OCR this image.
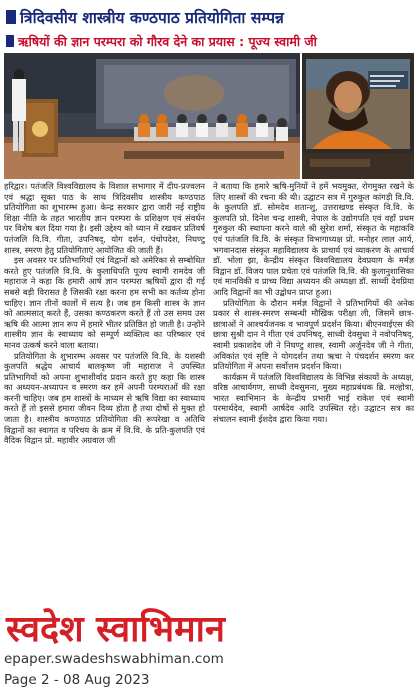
त्रिदिवसीय शास्त्रीय कण्ठपाठ प्रतियोगिता सम्पन्न
ऋषियों की ज्ञान परम्परा को गौरव देने का प्रयास : पूज्य स्वामी जी

हरिद्वार। पतंजलि विश्वविद्यालय के विशाल सभागार में दीप-प्रज्वलन एवं श्रद्धा सूक्त पाठ के साथ त्रिदिवसीय शास्त्रीय कण्ठपाठ प्रतियोगिता का शुभारम्भ हुआ। केन्द्र सरकार द्वारा जारी नई राष्ट्रीय शिक्षा नीति के तहत भारतीय ज्ञान परम्परा के प्रशिक्षण एवं संवर्धन पर विशेष बल दिया गया है। इसी उद्देश्य को ध्यान में रखकर प्रतिवर्ष पतंजलि वि.वि. गीता, उपनिषद्, योग दर्शन, पंचोपदेश, निघण्टु शास्त्र, स्मरण हेतु प्रतियोगिताएं आयोजित की जाती हैं।

इस अवसर पर प्रतिभागियों एवं विद्वानों को अमेरिका से सम्बोधित करते हुए पतंजलि वि.वि. के कुलाधिपति पूज्य स्वामी रामदेव जी महाराज ने कहा कि हमारी आर्ष ज्ञान परम्परा ऋषियों द्वारा दी गई सबसे बड़ी विरासत है जिसकी रक्षा करना हम सभी का कर्तव्य होना चाहिए। ज्ञान तीनों कालों में सत्य है। जब हम किसी शास्त्र के ज्ञान को आत्मसात् करते हैं, उसका कण्ठकरण करते हैं तो उस समय उस ऋषि की आत्मा ज्ञान रूप में हमारे भीतर प्रतिष्ठित हो जाती है। उन्होंने शास्त्रीय ज्ञान के स्वाध्याय को सम्पूर्ण व्यक्तित्व का परिष्कार एवं मानव उत्कर्ष करने वाला बताया।

प्रतियोगिता के शुभारम्भ अवसर पर पतंजलि वि.वि. के यशस्वी कुलपति श्रद्धेय आचार्य बालकृष्ण जी महाराज ने उपस्थित प्रतिभागियों को अपना शुभाशीर्वाद प्रदान करते हुए कहा कि शास्त्र का अध्ययन-अध्यापन व स्मरण कर हमें अपनी परम्पराओं की रक्षा करनी चाहिए। जब हम शास्त्रों के माध्यम से ऋषि विद्या का स्वाध्याय करते हैं तो इससे हमारा जीवन दिव्य होता है तथा दोषों से मुक्त हो जाता है। शास्त्रीय कण्ठपाठ प्रतियोगिता की रूपरेखा व अतिथि विद्वानों का स्वागत व परिचय के क्रम में वि.वि. के प्रति-कुलपति एवं वैदिक विद्वान प्रो. महावीर अग्रवाल जी

ने बताया कि हमारे ऋषि-मुनियों ने हमें भयमुक्त, रोगमुक्त रखने के लिए शास्त्रों की रचना की थी। उद्घाटन सत्र में गुरुकुल कांगड़ी वि.वि. के कुलपति डॉ. सोमदेव शतान्शु, उत्तराखण्ड संस्कृत वि.वि. के कुलपति प्रो. दिनेश चन्द्र शास्त्री, नेपाल के उद्योगपति एवं वहाँ प्रथम गुरुकुल की स्थापना करने वाले श्री सुरेश शर्मा, संस्कृत के महाकवि एवं पतंजलि वि.वि. के संस्कृत विभागाध्यक्ष प्रो. मनोहर लाल आर्य, भगवानदास संस्कृत महाविद्यालय के प्राचार्य एवं व्याकरण के आचार्य डॉ. भोला झा, केन्द्रीय संस्कृत विश्वविद्यालय देवप्रयाग के मर्मज्ञ विद्वान डॉ. विजय पाल प्रचेता एवं पतंजलि वि.वि. की कुलानुशासिका एवं मानविकी व प्राच्य विद्या अध्ययन की अध्यक्षा डॉ. साध्वी देवप्रिया आदि विद्वानों का भी उद्बोधन प्राप्त हुआ।

प्रतियोगिता के दौरान मर्मज्ञ विद्वानों ने प्रतिभागियों की अनेक प्रकार से शास्त्र-स्मरण सम्बन्धी मौखिक परीक्षा ली, जिसमें छात्र-छात्राओं ने आश्चर्यजनक व भावपूर्ण प्रदर्शन किया। बीएनवाईएस की छात्रा सुश्री दान ने गीता एवं उपनिषद्, साध्वी देवसुधा ने नवोपनिषद्, स्वामी प्रकाशदेव जी ने निघण्टु शास्त्र, स्वामी अर्जुनदेव जी ने गीता, अविकांत एवं सृष्टि ने योगदर्शन तथा ऋचा ने पंचदर्शन स्मरण कर प्रतियोगिता में अपना सर्वोत्तम प्रदर्शन किया।

कार्यक्रम में पतंजलि विश्वविद्यालय के विभिन्न संकायों के अध्यक्ष, वरिष्ठ आचार्यगण, साध्वी देवसुमना, मुख्य महाप्रबंधक ब्रि. मल्होत्रा, भारत स्वाभिमान के केन्द्रीय प्रभारी भाई राकेश एवं स्वामी परमार्थदेव, स्वामी आर्षदेव आदि उपस्थित रहे। उद्घाटन सत्र का संचालन स्वामी ईशदेव द्वारा किया गया।

स्वदेश स्वाभिमान
epaper.swadeshswabhiman.com
Page 2 - 08 Aug 2023
